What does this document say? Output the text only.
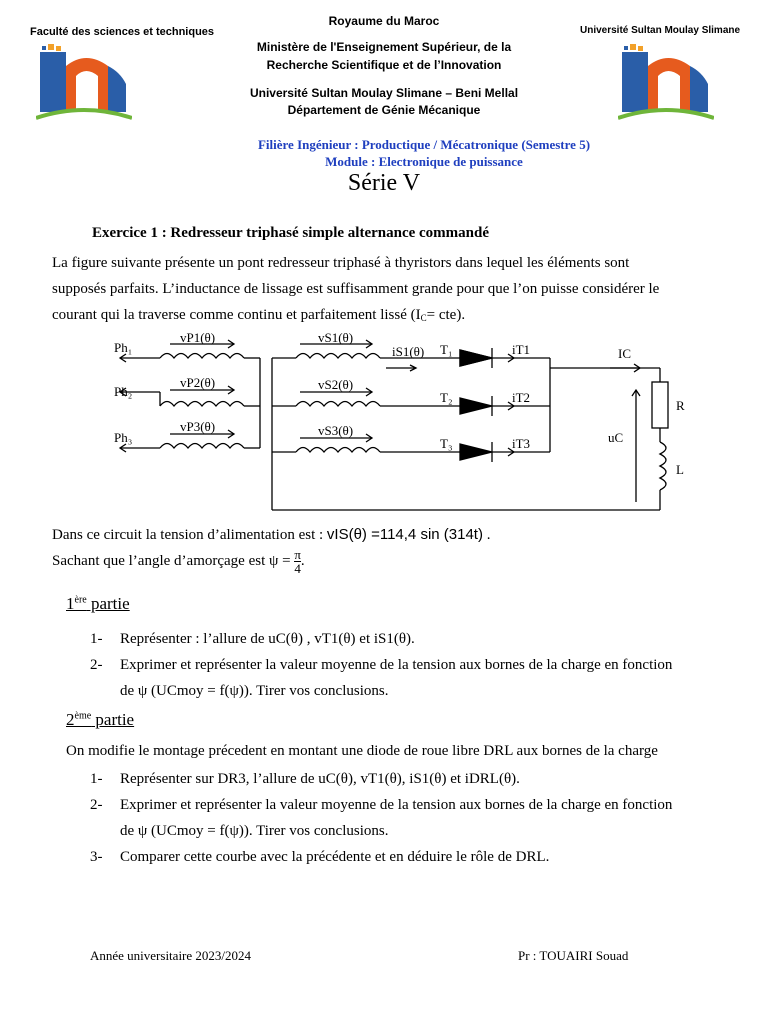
Faculté des sciences et techniques	Université Sultan Moulay Slimane
Royaume du Maroc
Ministère de l'Enseignement Supérieur, de la
Recherche Scientifique et de l’Innovation
Université Sultan Moulay Slimane – Beni Mellal
Département de Génie Mécanique
Filière Ingénieur : Productique / Mécatronique (Semestre 5)
Module : Electronique de puissance
Série V
Exercice 1 : Redresseur triphasé simple alternance commandé
La figure suivante présente un pont redresseur triphasé à thyristors dans lequel les éléments sont
supposés parfaits. L’inductance de lissage est suffisamment grande pour que l’on puisse considérer le
courant qui la traverse comme continu et parfaitement lissé $(I_C= cte)$.
Ph₁
Ph₂
Ph₃
vP1(θ)
vP2(θ)
vP3(θ)
vS1(θ)
vS2(θ)
vS3(θ)
iS1(θ) T₁
T₂
T₃
iT1
iT2
iT3
IC
uC
R
L
Dans ce circuit la tension d’alimentation est : vIS(θ) =114,4 sin (314t) .
Sachant que l’angle d’amorçage est $\psi = \frac{\pi}{4}$ .
1ère partie
1- Représenter : l’allure de uC(θ) , vT1(θ) et iS1(θ).
2- Exprimer et représenter la valeur moyenne de la tension aux bornes de la charge en fonction
de ψ (UCmoy = f(ψ)). Tirer vos conclusions.
2ème partie
On modifie le montage précedent en montant une diode de roue libre DRL aux bornes de la charge
1- Représenter sur DR3, l’allure de uC(θ), vT1(θ), iS1(θ) et iDRL(θ).
2- Exprimer et représenter la valeur moyenne de la tension aux bornes de la charge en fonction
de ψ (UCmoy = f(ψ)). Tirer vos conclusions.
3- Comparer cette courbe avec la précédente et en déduire le rôle de DRL.
Année universitaire 2023/2024	Pr : TOUAIRI Souad
